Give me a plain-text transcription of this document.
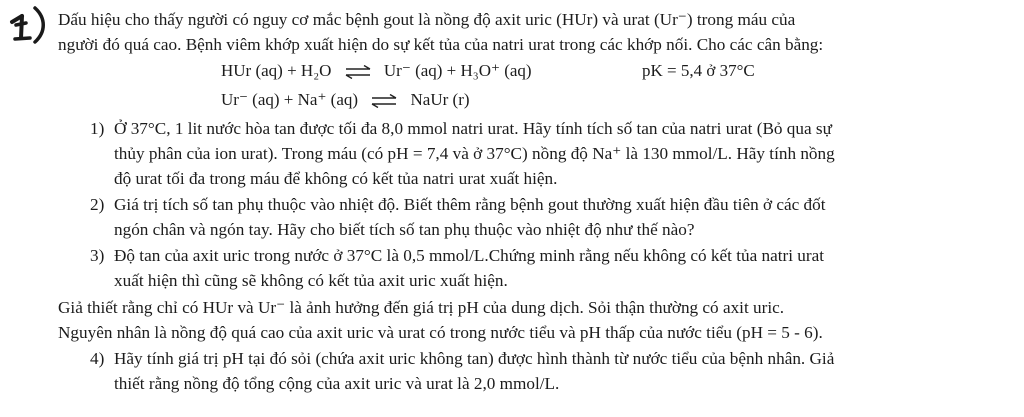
Dấu hiệu cho thấy người có nguy cơ mắc bệnh gout là nồng độ axit uric (HUr) và urat (Ur⁻) trong máu của
người đó quá cao. Bệnh viêm khớp xuất hiện do sự kết tủa của natri urat trong các khớp nối. Cho các cân bằng:
HUr (aq) + H₂O ⇌ Ur⁻ (aq) + H₃O⁺ (aq)	pK = 5,4 ở 37°C
Ur⁻ (aq) + Na⁺ (aq) ⇌ NaUr (r)
1) Ở 37°C, 1 lit nước hòa tan được tối đa 8,0 mmol natri urat. Hãy tính tích số tan của natri urat (Bỏ qua sự
thủy phân của ion urat). Trong máu (có pH = 7,4 và ở 37°C) nồng độ Na⁺ là 130 mmol/L. Hãy tính nồng
độ urat tối đa trong máu để không có kết tủa natri urat xuất hiện.
2) Giá trị tích số tan phụ thuộc vào nhiệt độ. Biết thêm rằng bệnh gout thường xuất hiện đầu tiên ở các đốt
ngón chân và ngón tay. Hãy cho biết tích số tan phụ thuộc vào nhiệt độ như thế nào?
3) Độ tan của axit uric trong nước ở 37°C là 0,5 mmol/L.Chứng minh rằng nếu không có kết tủa natri urat
xuất hiện thì cũng sẽ không có kết tủa axit uric xuất hiện.
Giả thiết rằng chỉ có HUr và Ur⁻ là ảnh hưởng đến giá trị pH của dung dịch. Sỏi thận thường có axit uric.
Nguyên nhân là nồng độ quá cao của axit uric và urat có trong nước tiểu và pH thấp của nước tiểu (pH = 5 - 6).
4) Hãy tính giá trị pH tại đó sỏi (chứa axit uric không tan) được hình thành từ nước tiểu của bệnh nhân. Giả
thiết rằng nồng độ tổng cộng của axit uric và urat là 2,0 mmol/L.
